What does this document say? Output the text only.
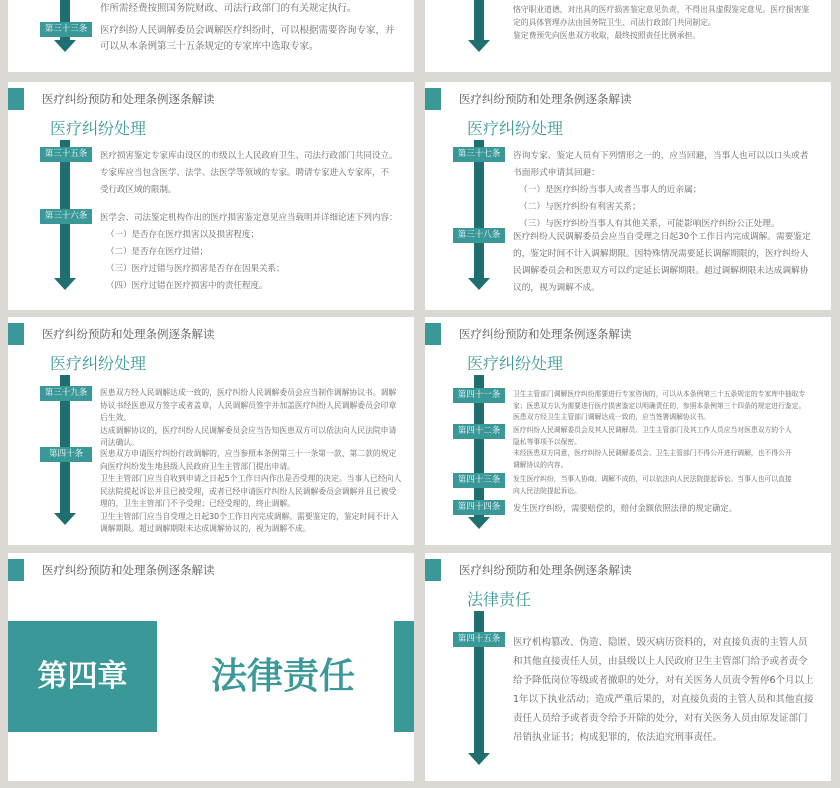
作所需经费按照国务院财政、司法行政部门的有关规定执行。
第三十三条	医疗纠纷人民调解委员会调解医疗纠纷时，可以根据需要咨询专家，并
可以从本条例第三十五条规定的专家库中选取专家。
恪守职业道德，对出具的医疗损害鉴定意见负责，不得出具虚假鉴定意见。医疗损害鉴
定的具体管理办法由国务院卫生、司法行政部门共同制定。
鉴定费预先向医患双方收取，最终按照责任比例承担。
医疗纠纷预防和处理条例逐条解读
医疗纠纷处理
第三十五条	医疗损害鉴定专家库由设区的市级以上人民政府卫生、司法行政部门共同设立。
专家库应当包含医学、法学、法医学等领域的专家。聘请专家进入专家库，不
受行政区域的限制。
第三十六条	医学会、司法鉴定机构作出的医疗损害鉴定意见应当载明并详细论述下列内容：
（一）是否存在医疗损害以及损害程度；
（二）是否存在医疗过错；
（三）医疗过错与医疗损害是否存在因果关系；
（四）医疗过错在医疗损害中的责任程度。
医疗纠纷预防和处理条例逐条解读
医疗纠纷处理
第三十七条	咨询专家、鉴定人员有下列情形之一的，应当回避，当事人也可以以口头或者
书面形式申请其回避：
（一）是医疗纠纷当事人或者当事人的近亲属；
（二）与医疗纠纷有利害关系；
（三）与医疗纠纷当事人有其他关系，可能影响医疗纠纷公正处理。
第三十八条	医疗纠纷人民调解委员会应当自受理之日起30个工作日内完成调解。需要鉴定
的，鉴定时间不计入调解期限。因特殊情况需要延长调解期限的，医疗纠纷人
民调解委员会和医患双方可以约定延长调解期限。超过调解期限未达成调解协
议的，视为调解不成。
医疗纠纷预防和处理条例逐条解读
医疗纠纷处理
第三十九条	医患双方经人民调解达成一致的，医疗纠纷人民调解委员会应当制作调解协议书。调解
协议书经医患双方签字或者盖章，人民调解员签字并加盖医疗纠纷人民调解委员会印章
后生效。
达成调解协议的，医疗纠纷人民调解委员会应当告知医患双方可以依法向人民法院申请
司法确认。
第四十条	医患双方申请医疗纠纷行政调解的，应当参照本条例第三十一条第一款、第二款的规定
向医疗纠纷发生地县级人民政府卫生主管部门提出申请。
卫生主管部门应当自收到申请之日起5个工作日内作出是否受理的决定。当事人已经向人
民法院提起诉讼并且已被受理，或者已经申请医疗纠纷人民调解委员会调解并且已被受
理的，卫生主管部门不予受理；已经受理的，终止调解。
卫生主管部门应当自受理之日起30个工作日内完成调解。需要鉴定的，鉴定时间不计入
调解期限。超过调解期限未达成调解协议的，视为调解不成。
医疗纠纷预防和处理条例逐条解读
医疗纠纷处理
第四十一条	卫生主管部门调解医疗纠纷需要进行专家咨询的，可以从本条例第三十五条规定的专家库中抽取专
家；医患双方认为需要进行医疗损害鉴定以明确责任的，参照本条例第三十四条的规定进行鉴定。
医患双方经卫生主管部门调解达成一致的，应当签署调解协议书。
第四十二条	医疗纠纷人民调解委员会及其人民调解员、卫生主管部门及其工作人员应当对医患双方的个人
隐私等事项予以保密。
未经医患双方同意，医疗纠纷人民调解委员会、卫生主管部门不得公开进行调解，也不得公开
调解协议的内容。
第四十三条	发生医疗纠纷，当事人协商、调解不成的，可以依法向人民法院提起诉讼。当事人也可以直接
向人民法院提起诉讼。
第四十四条	发生医疗纠纷，需要赔偿的，赔付金额依照法律的规定确定。
医疗纠纷预防和处理条例逐条解读
第四章	法律责任
医疗纠纷预防和处理条例逐条解读
法律责任
第四十五条	医疗机构篡改、伪造、隐匿、毁灭病历资料的，对直接负责的主管人员
和其他直接责任人员，由县级以上人民政府卫生主管部门给予或者责令
给予降低岗位等级或者撤职的处分，对有关医务人员责令暂停6个月以上
1年以下执业活动；造成严重后果的，对直接负责的主管人员和其他直接
责任人员给予或者责令给予开除的处分，对有关医务人员由原发证部门
吊销执业证书；构成犯罪的，依法追究刑事责任。
